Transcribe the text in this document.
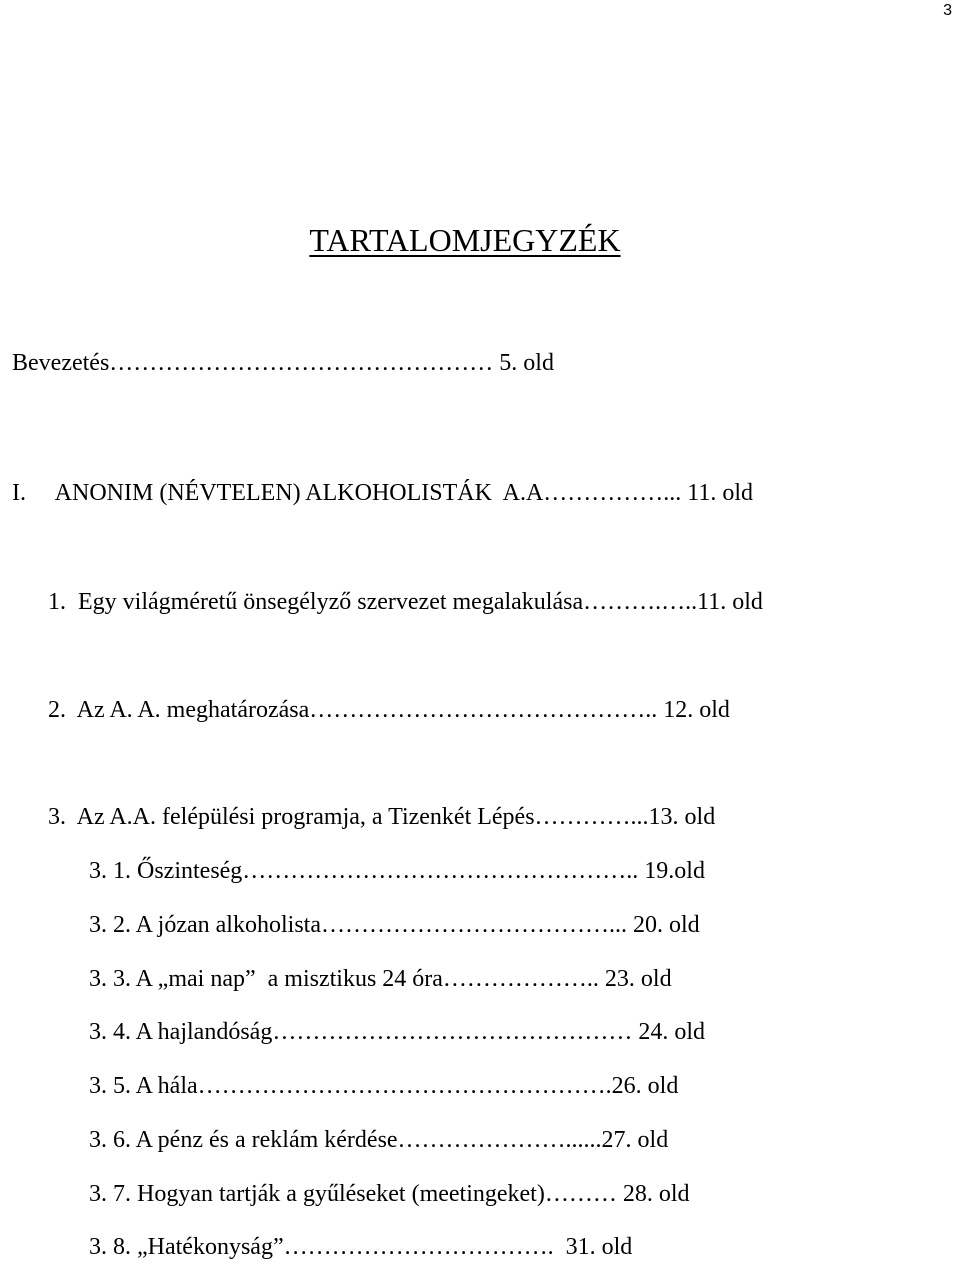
3
TARTALOMJEGYZÉK
Bevezetés………………………………………… 5. old
I.     ANONIM (NÉVTELEN) ALKOHOLISTÁK  A.A……………... 11. old
1.  Egy világméretű önsegélyző szervezet megalakulása……….…..11. old
2.  Az A. A. meghatározása…………………………………….. 12. old
3.  Az A.A. felépülési programja, a Tizenkét Lépés…………...13. old
3. 1. Őszinteség………………………………………….. 19.old
3. 2. A józan alkoholista………………………………... 20. old
3. 3. A „mai nap”  a misztikus 24 óra……………….. 23. old
3. 4. A hajlandóság……………………………………… 24. old
3. 5. A hála…………………………………………….26. old
3. 6. A pénz és a reklám kérdése…………………......27. old
3. 7. Hogyan tartják a gyűléseket (meetingeket)……… 28. old
3. 8. „Hatékonyság”…………………………….  31. old
